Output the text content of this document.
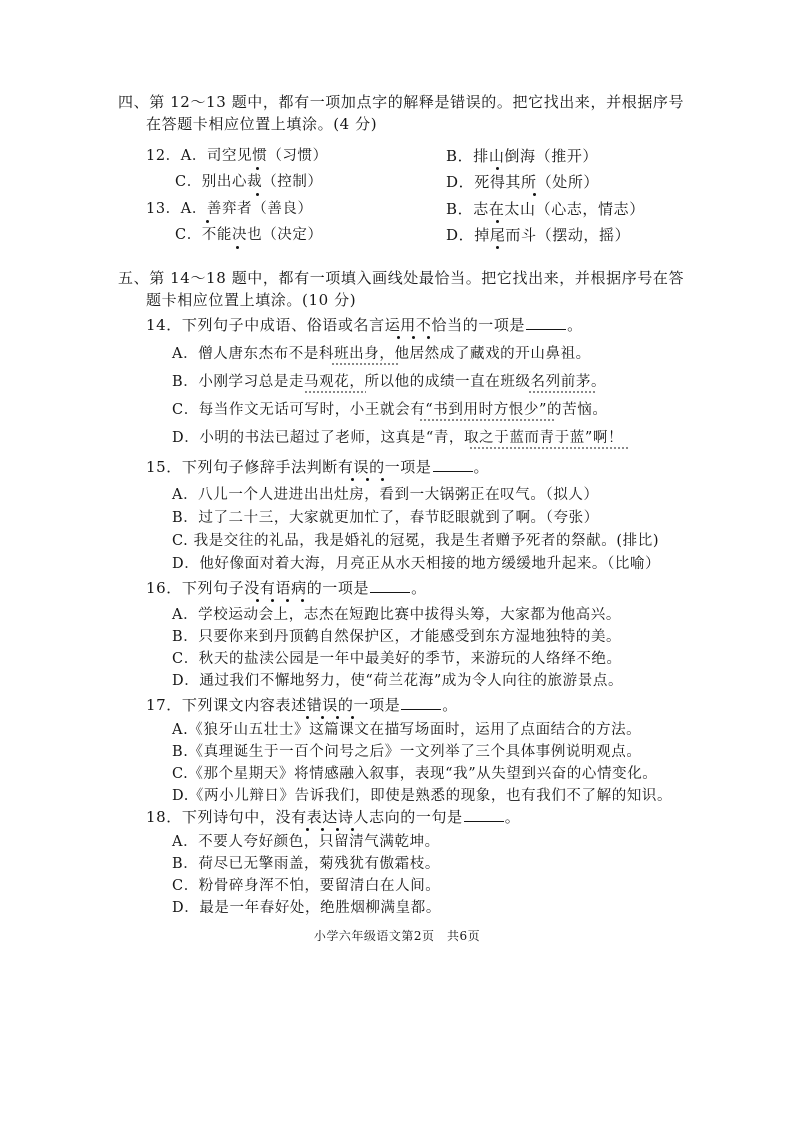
四、第 12～13 题中，都有一项加点字的解释是错误的。把它找出来，并根据序号
在答题卡相应位置上填涂。(4 分)
12．A．司空见惯（习惯）	B．排山倒海（推开）
C．别出心裁（控制）	D．死得其所（处所）
13．A．善弈者（善良）	B．志在太山（心志，情志）
C．不能决也（决定）	D．掉尾而斗（摆动，摇）
五、第 14～18 题中，都有一项填入画线处最恰当。把它找出来，并根据序号在答
题卡相应位置上填涂。(10 分)
14．下列句子中成语、俗语或名言运用不恰当的一项是	。
A．僧人唐东杰布不是科班出身，他居然成了藏戏的开山鼻祖。
B．小刚学习总是走马观花，所以他的成绩一直在班级名列前茅。
C．每当作文无话可写时，小王就会有“书到用时方恨少”的苦恼。
D．小明的书法已超过了老师，这真是“青，取之于蓝而青于蓝”啊！
15．下列句子修辞手法判断有误的一项是	。
A．八儿一个人进进出出灶房，看到一大锅粥正在叹气。（拟人）
B．过了二十三，大家就更加忙了，春节眨眼就到了啊。（夸张）
C. 我是交往的礼品，我是婚礼的冠冕，我是生者赠予死者的祭献。(排比)
D．他好像面对着大海，月亮正从水天相接的地方缓缓地升起来。（比喻）
16．下列句子没有语病的一项是	。
A．学校运动会上，志杰在短跑比赛中拔得头筹，大家都为他高兴。
B．只要你来到丹顶鹤自然保护区，才能感受到东方湿地独特的美。
C．秋天的盐渎公园是一年中最美好的季节，来游玩的人络绎不绝。
D．通过我们不懈地努力，使“荷兰花海”成为令人向往的旅游景点。
17．下列课文内容表述错误的一项是	。
A.《狼牙山五壮士》这篇课文在描写场面时，运用了点面结合的方法。
B.《真理诞生于一百个问号之后》一文列举了三个具体事例说明观点。
C.《那个星期天》将情感融入叙事，表现“我”从失望到兴奋的心情变化。
D.《两小儿辩日》告诉我们，即使是熟悉的现象，也有我们不了解的知识。
18．下列诗句中，没有表达诗人志向的一句是	。
A．不要人夸好颜色，只留清气满乾坤。
B．荷尽已无擎雨盖，菊残犹有傲霜枝。
C．粉骨碎身浑不怕，要留清白在人间。
D．最是一年春好处，绝胜烟柳满皇都。
小学六年级语文第2页　共6页
